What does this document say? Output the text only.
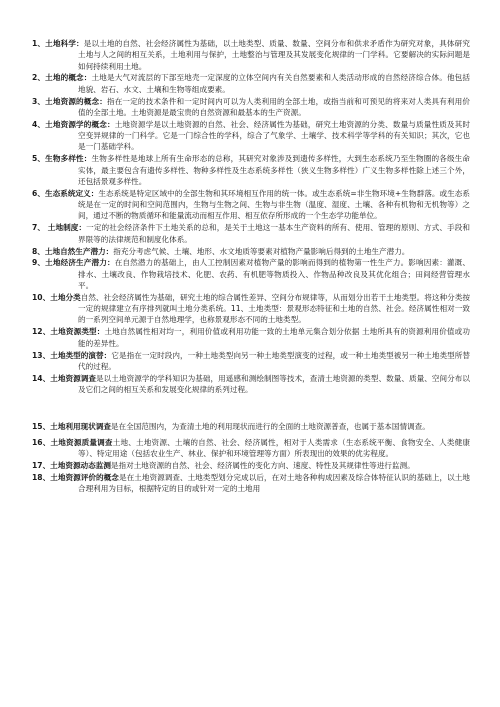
1、土地科学：是以土地的自然、社会经济属性为基础，以土地类型、质量、数量、空间分布和供求矛盾作为研究对象，具体研究土地与人之间的相互关系，土地利用与保护，土地整治与管理及其发展变化规律的一门学科。它要解决的实际问题是如何持续利用土地。

2、土地的概念：土地是大气对流层的下部至地壳一定深度的立体空间内有关自然要素和人类活动形成的自然经济综合体。他包括地貌、岩石、水文、土壤和生物等组成要素。

3、土地资源的概念：指在一定的技术条件和一定时间内可以为人类利用的全部土地，或指当前和可预见的将来对人类具有利用价值的全部土地。土地资源是最宝贵的自然资源和最基本的生产资源。

4、土地资源学的概念：土地资源学是以土地资源的自然、社会、经济属性为基础，研究土地资源的分类、数量与质量性质及其时空变异规律的一门科学。它是一门综合性的学科，综合了气象学、土壤学、技术科学等学科的有关知识；其次，它也是一门基础学科。

5、生物多样性：生物多样性是地球上所有生命形态的总称，其研究对象涉及到遗传多样性，大到生态系统乃至生物圈的各级生命实体，最主要包含有遗传多样性、物种多样性及生态系统多样性（狭义生物多样性）广义生物多样性除上述三个外，还包括景观多样性。

6、生态系统定义：生态系统是特定区域中的全部生物和其环境相互作用的统一体。或生态系统=非生物环境+生物群落。或生态系统是在一定的时间和空间范围内，生物与生物之间、生物与非生物（温度、湿度、土壤、各种有机物和无机物等）之间，通过不断的物质循环和能量流动而相互作用、相互依存所形成的一个生态学功能单位。

7、 土地制度：一定的社会经济条件下土地关系的总和，是关于土地这一基本生产资料的所有、使用、管理的原则、方式、手段和界限等的法律规范和制度化体系。

8、土地自然生产潜力：指充分考虑气候、土壤、地形、水文地质等要素对植物产量影响后得到的土地生产潜力。

9、土地经济生产潜力：在自然潜力的基础上，由人工控制因素对植物产量的影响而得到的植物第一性生产力。影响因素：灌溉、排水、土壤改良、作物栽培技术、化肥、农药、有机肥等物质投入、作物品种改良及其优化组合；田间经营管理水平。

10、土地分类自然、社会经济属性为基础，研究土地的综合属性差异、空间分布规律等，从而划分出若干土地类型。将这种分类按一定的规律建立有序排列就叫土地分类系统。11、土地类型：景观形态特征和土地的自然、社会。经济属性相对一致的一系列空间单元源于自然地理学，也称景观形态不同的土地类型。

12、土地资源类型：土地自然属性相对均一，利用价值或利用功能一致的土地单元集合划分依据 土地所具有的资源利用价值或功能的差异性。

13、土地类型的演替：它是指在一定时段内，一种土地类型向另一种土地类型演变的过程，或一种土地类型被另一种土地类型所替代的过程。

14、土地资源调查是以土地资源学的学科知识为基础，用遥感和测绘制图等技术，查清土地资源的类型、数量、质量、空间分布以及它们之间的相互关系和发展变化规律的系列过程。

15、土地利用现状调查是在全国范围内，为查清土地的利用现状而进行的全面的土地资源普查，也属于基本国情调查。

16、土地资源质量调查土地、土地资源、土壤的自然、社会、经济属性，相对于人类需求（生态系统平衡、食物安全、人类健康等）、特定用途（包括农业生产、林业、保护和环境管理等方面）所表现出的效果的优劣程度。

17、土地资源动态监测是指对土地资源的自然、社会、经济属性的变化方向、速度、特性及其规律性等进行监测。

18、土地资源评价的概念是在土地资源调查、土地类型划分完成以后，在对土地各种构成因素及综合体特征认识的基础上，以土地合理利用为目标，根据特定的目的或针对一定的土地用
